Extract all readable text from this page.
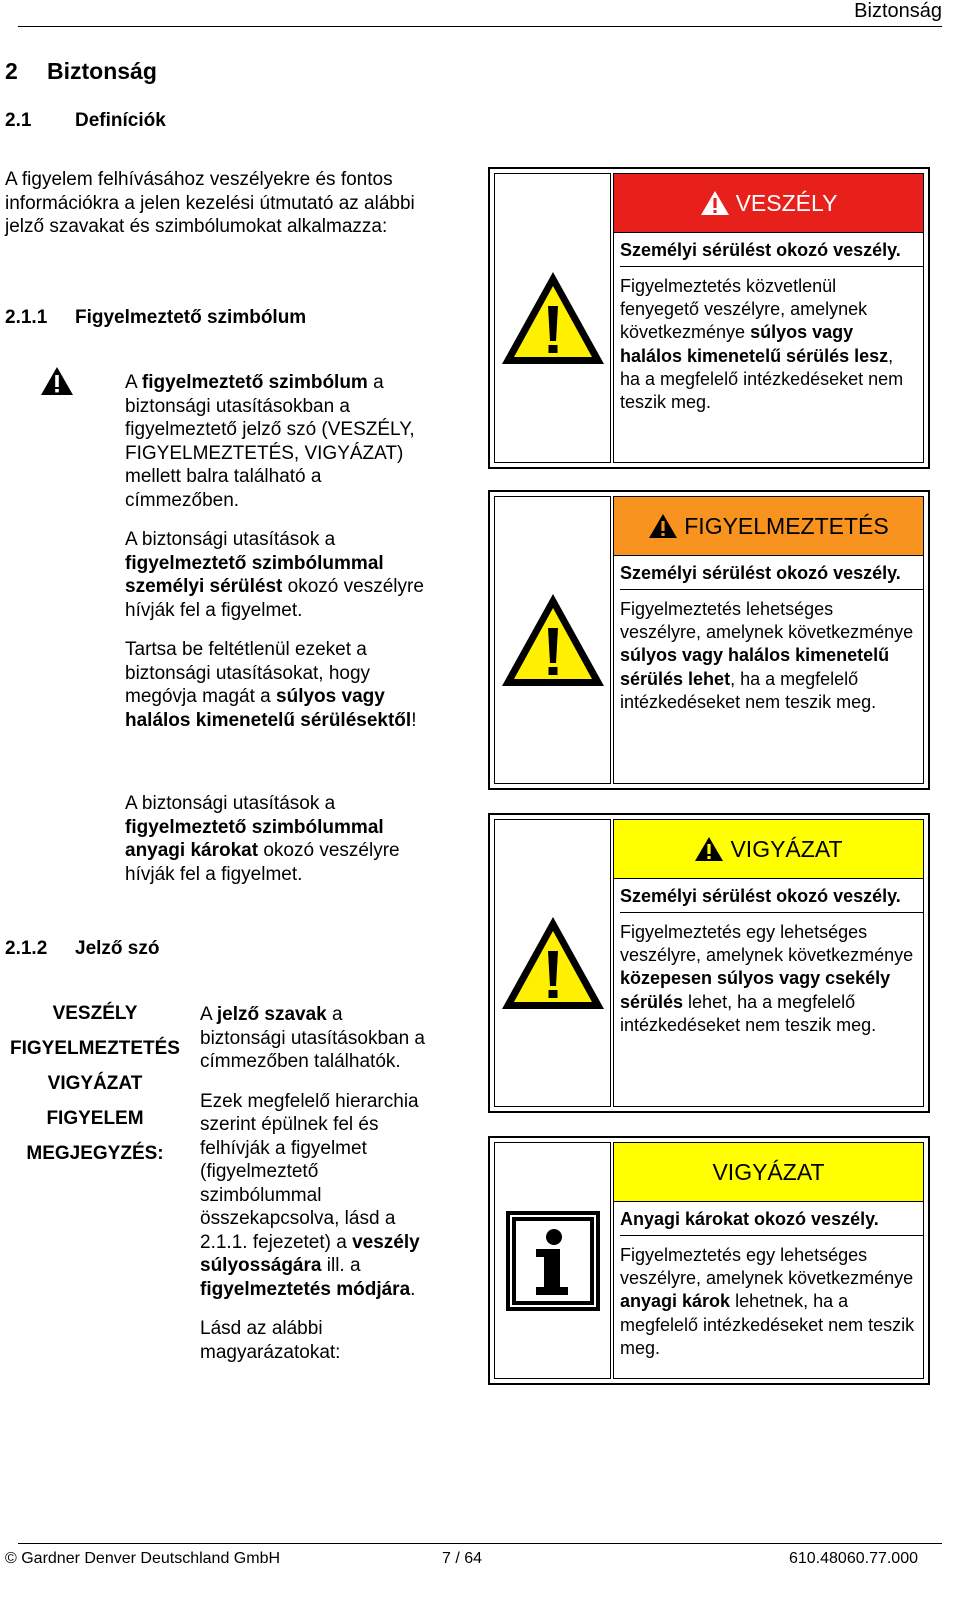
Biztonság
2 Biztonság
2.1 Definíciók
A figyelem felhívásához veszélyekre és fontos információkra a jelen kezelési útmutató az alábbi jelző szavakat és szimbólumokat alkalmazza:
2.1.1 Figyelmeztető szimbólum

A figyelmeztető szimbólum a biztonsági utasításokban a figyelmeztető jelző szó (VESZÉLY, FIGYELMEZTETÉS, VIGYÁZAT) mellett balra található a címmezőben.

A biztonsági utasítások a figyelmeztető szimbólummal személyi sérülést okozó veszélyre hívják fel a figyelmet.

Tartsa be feltétlenül ezeket a biztonsági utasításokat, hogy megóvja magát a súlyos vagy halálos kimenetelű sérülésektől!

A biztonsági utasítások a figyelmeztető szimbólummal anyagi károkat okozó veszélyre hívják fel a figyelmet.
2.1.2 Jelző szó
VESZÉLY
FIGYELMEZTETÉS
VIGYÁZAT
FIGYELEM
MEGJEGYZÉS:

A jelző szavak a biztonsági utasításokban a címmezőben találhatók.

Ezek megfelelő hierarchia szerint épülnek fel és felhívják a figyelmet (figyelmeztető szimbólummal összekapcsolva, lásd a 2.1.1. fejezetet) a veszély súlyosságára ill. a figyelmeztetés módjára.

Lásd az alábbi magyarázatokat:

VESZÉLY
Személyi sérülést okozó veszély.
Figyelmeztetés közvetlenül fenyegető veszélyre, amelynek következménye súlyos vagy halálos kimenetelű sérülés lesz, ha a megfelelő intézkedéseket nem teszik meg.
FIGYELMEZTETÉS
Személyi sérülést okozó veszély.
Figyelmeztetés lehetséges veszélyre, amelynek következménye súlyos vagy halálos kimenetelű sérülés lehet, ha a megfelelő intézkedéseket nem teszik meg.
VIGYÁZAT
Személyi sérülést okozó veszély.
Figyelmeztetés egy lehetséges veszélyre, amelynek következménye közepesen súlyos vagy csekély sérülés lehet, ha a megfelelő intézkedéseket nem teszik meg.
VIGYÁZAT
Anyagi károkat okozó veszély.
Figyelmeztetés egy lehetséges veszélyre, amelynek következménye anyagi károk lehetnek, ha a megfelelő intézkedéseket nem teszik meg.
© Gardner Denver Deutschland GmbH	7 / 64	610.48060.77.000
